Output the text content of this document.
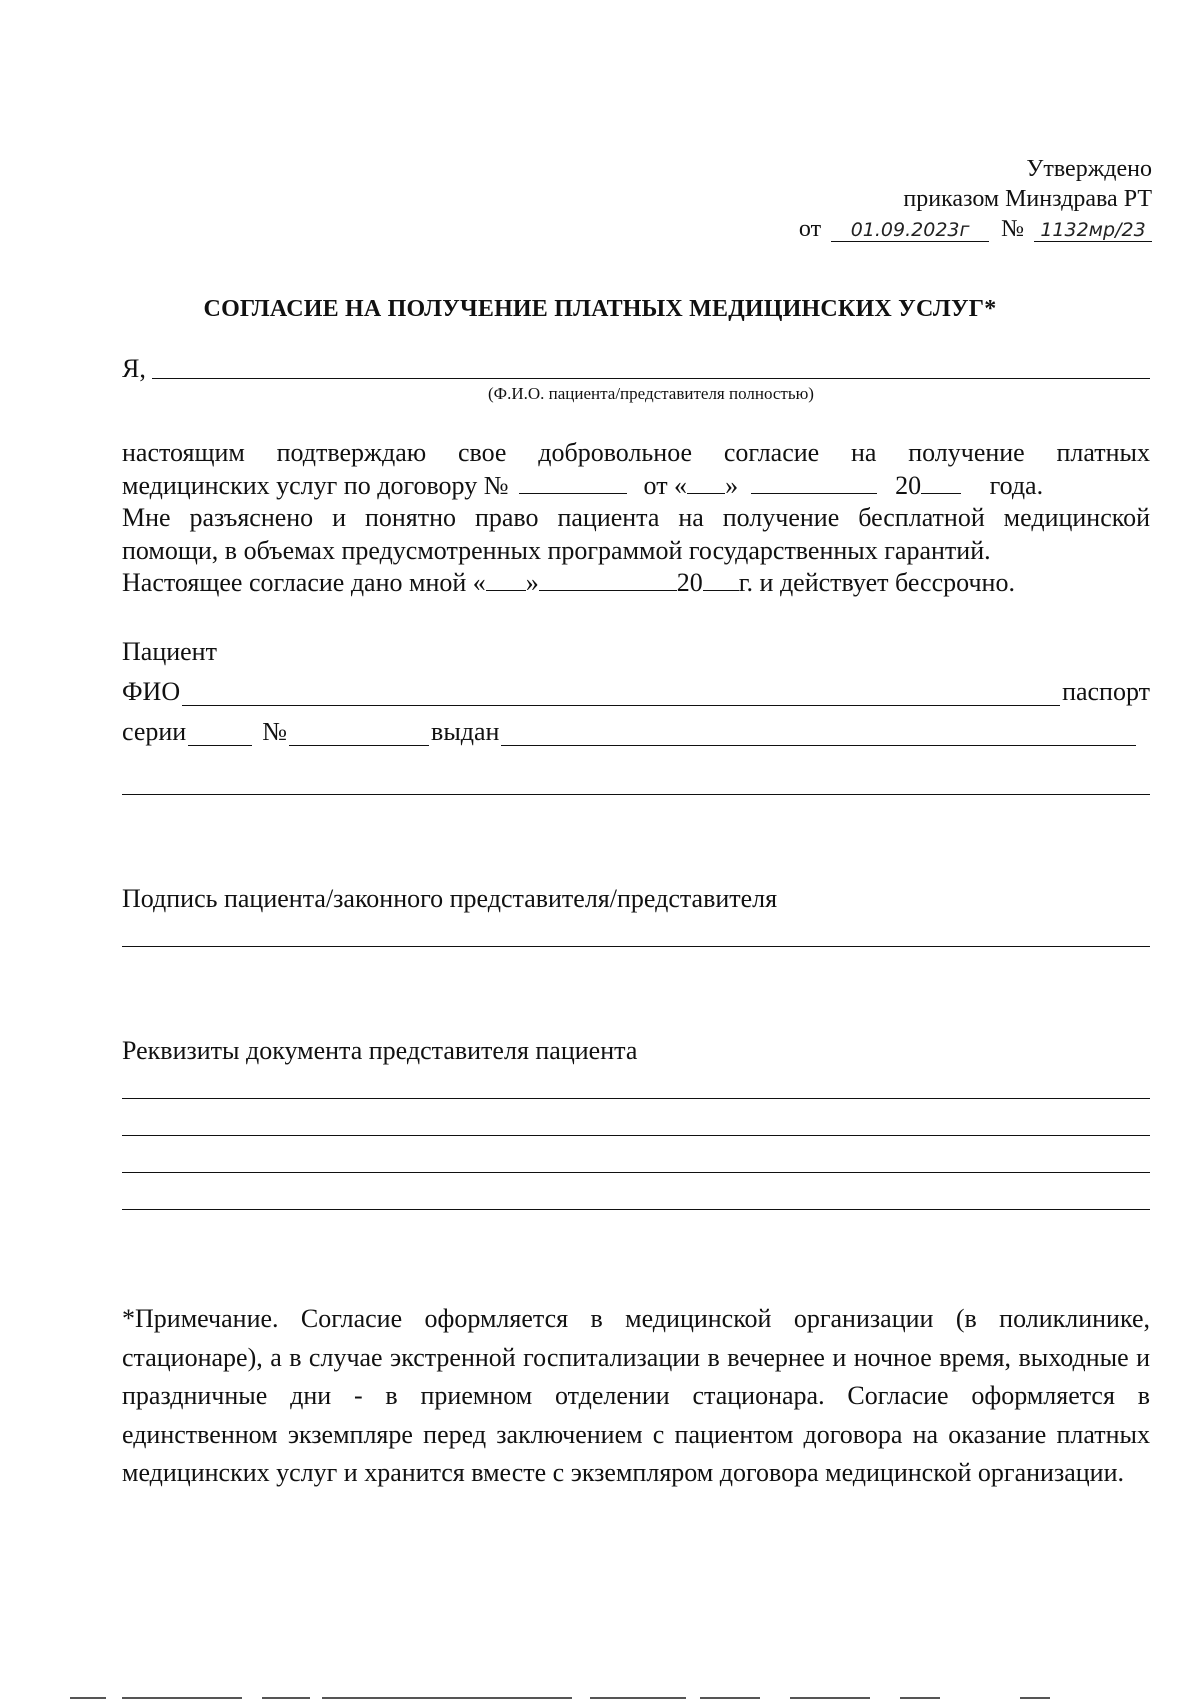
Утверждено
приказом Минздрава РТ
от 01.09.2023г № 1132мр/23
СОГЛАСИЕ НА ПОЛУЧЕНИЕ ПЛАТНЫХ МЕДИЦИНСКИХ УСЛУГ*
Я,
(Ф.И.О. пациента/представителя полностью)
настоящим подтверждаю свое добровольное согласие на получение платных
медицинских услуг по договору №	от « »	20	года.
Мне разъяснено и понятно право пациента на получение бесплатной медицинской
помощи, в объемах предусмотренных программой государственных гарантий.
Настоящее согласие дано мной « »	20 г. и действует бессрочно.
Пациент
ФИО	паспорт
серии	№	выдан
Подпись пациента/законного представителя/представителя
Реквизиты документа представителя пациента
*Примечание. Согласие оформляется в медицинской организации (в поликлинике, стационаре), а в случае экстренной госпитализации в вечернее и ночное время, выходные и праздничные дни - в приемном отделении стационара. Согласие оформляется в единственном экземпляре перед заключением с пациентом договора на оказание платных медицинских услуг и хранится вместе с экземпляром договора медицинской организации.
